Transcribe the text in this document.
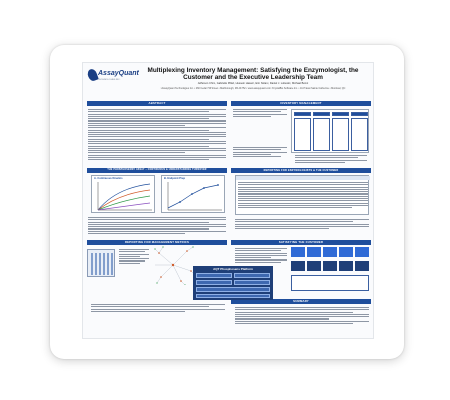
AssayQuant
TECHNOLOGIES INC.
Multiplexing Inventory Management: Satisfying the Enzymologist, the Customer and the Executive Leadership Team
Jefferson Chin¹, Gabrielle Pillai², Hussein Hasan², Erin Nolan¹, Daniel J. Lubeski¹, Michael Bonni
¹AssayQuant Technologies Inc. • 260 Cedar Hill Street • Marlborough, MA 01752 • www.assayquant.com ²CrystalBio Software Inc. • 1117 East Sainte Catherine • Montréal, QC
ABSTRACT	INVENTORY MANAGEMENT
THE PHOSPHOSENS® ASSAY – CONTINUOUS & UNDERSTANDING TURNOVER	REPORTING FOR ENZYMOLOGISTS & THE CUSTOMER
REPORTING FOR MANAGEMENT METRICS	SATISFYING THE CUSTOMER
SUMMARY
A. Continuous Kinetics	B. Endpoint Prep
AQT Phosphosens Platform
